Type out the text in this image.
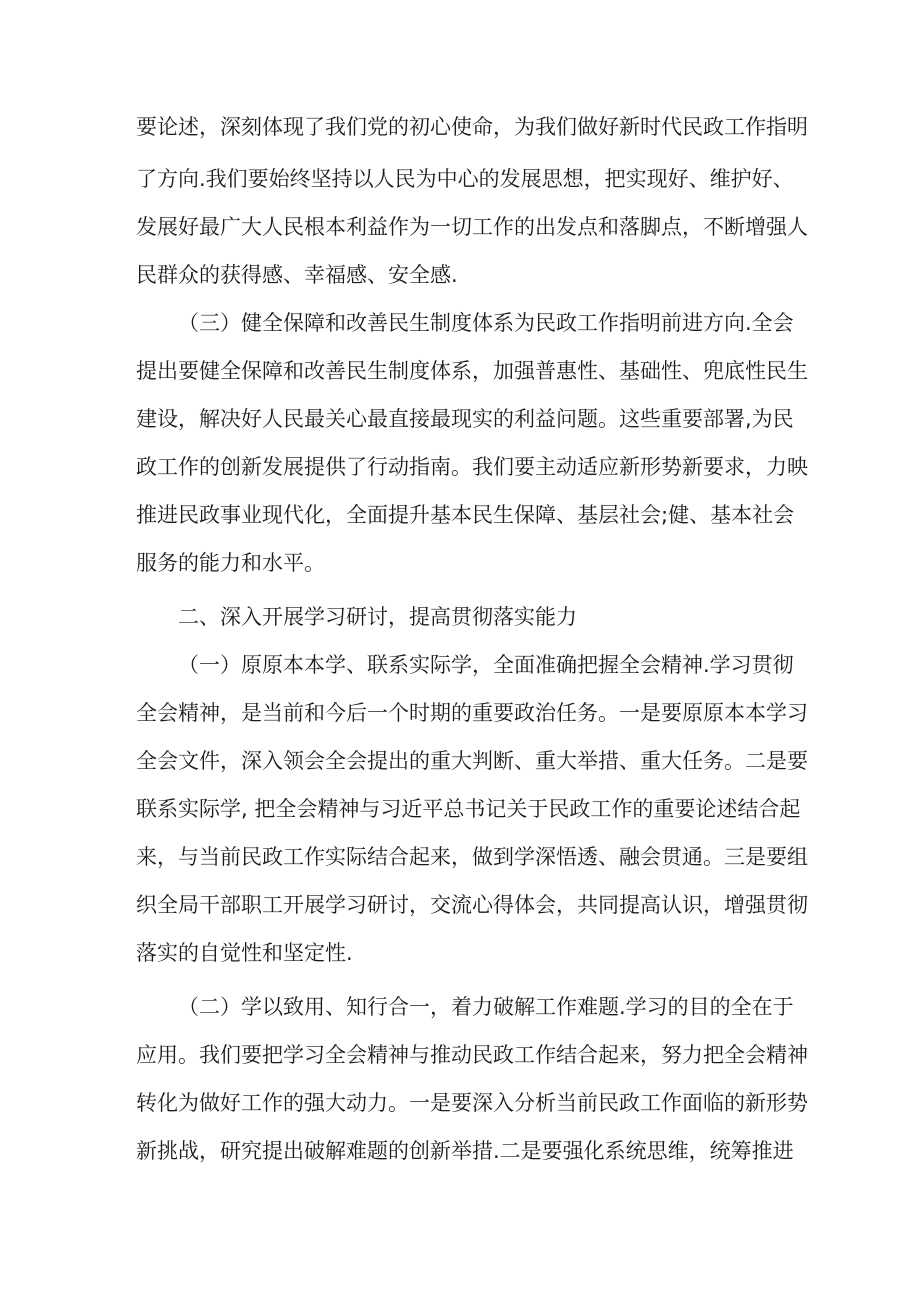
要论述，深刻体现了我们党的初心使命，为我们做好新时代民政工作指明
了方向.我们要始终坚持以人民为中心的发展思想，把实现好、维护好、
发展好最广大人民根本利益作为一切工作的出发点和落脚点，不断增强人
民群众的获得感、幸福感、安全感.
（三）健全保障和改善民生制度体系为民政工作指明前进方向.全会
提出要健全保障和改善民生制度体系，加强普惠性、基础性、兜底性民生
建设，解决好人民最关心最直接最现实的利益问题。这些重要部署,为民
政工作的创新发展提供了行动指南。我们要主动适应新形势新要求，力映
推进民政事业现代化，全面提升基本民生保障、基层社会;健、基本社会
服务的能力和水平。
二、深入开展学习研讨，提高贯彻落实能力
（一）原原本本学、联系实际学，全面准确把握全会精神.学习贯彻
全会精神，是当前和今后一个时期的重要政治任务。一是要原原本本学习
全会文件，深入领会全会提出的重大判断、重大举措、重大任务。二是要
联系实际学, 把全会精神与习近平总书记关于民政工作的重要论述结合起
来，与当前民政工作实际结合起来，做到学深悟透、融会贯通。三是要组
织全局干部职工开展学习研讨，交流心得体会，共同提高认识，增强贯彻
落实的自觉性和坚定性.
（二）学以致用、知行合一，着力破解工作难题.学习的目的全在于
应用。我们要把学习全会精神与推动民政工作结合起来，努力把全会精神
转化为做好工作的强大动力。一是要深入分析当前民政工作面临的新形势
新挑战，研究提出破解难题的创新举措.二是要强化系统思维，统筹推进
